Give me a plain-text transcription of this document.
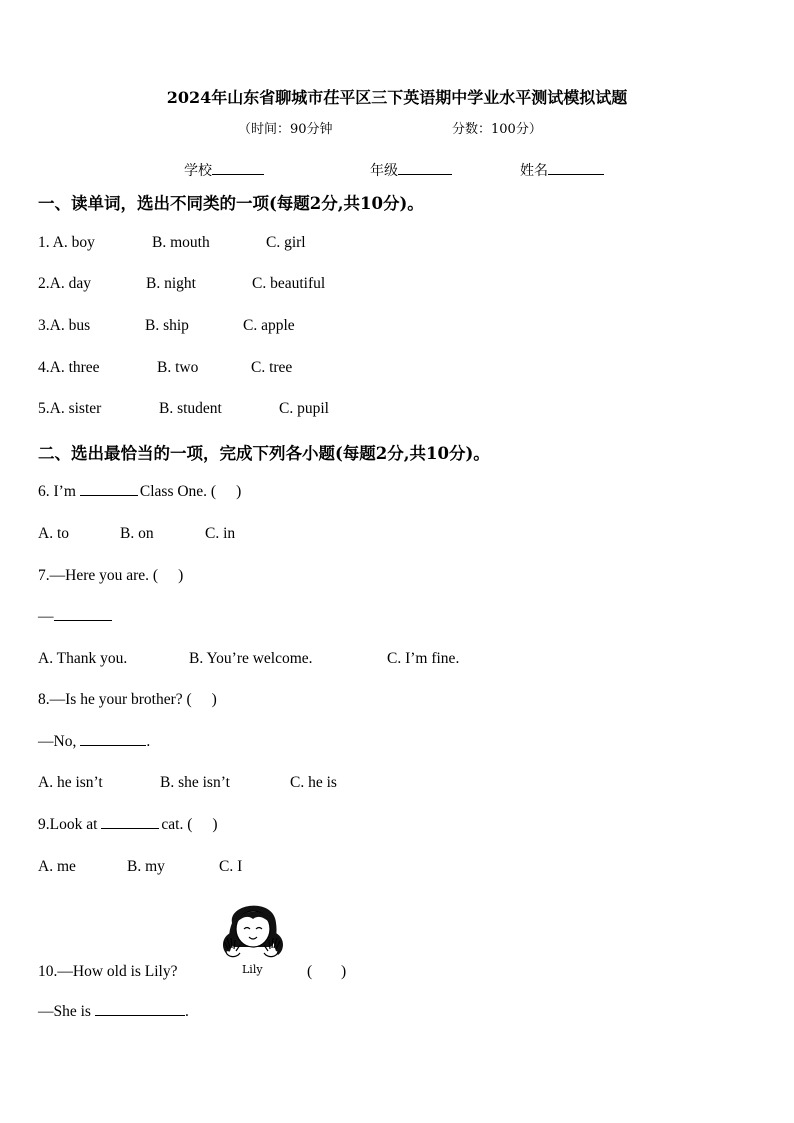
2024年山东省聊城市茌平区三下英语期中学业水平测试模拟试题
（时间：90分钟	分数：100分）
学校	年级	姓名
一、读单词，选出不同类的一项(每题2分,共10分)。
1. A. boy	B. mouth	C. girl
2.A. day	B. night	C. beautiful
3.A. bus	B. ship	C. apple
4.A. three	B. two	C. tree
5.A. sister	B. student	C. pupil
二、选出最恰当的一项，完成下列各小题(每题2分,共10分)。
6. I’m	Class One. ( )
A. to	B. on	C. in
7.—Here you are. ( )
—
A. Thank you.	B. You’re welcome.	C. I’m fine.
8.—Is he your brother? ( )
—No,	.
A. he isn’t	B. she isn’t	C. he is
9.Look at	cat. ( )
A. me	B. my	C. I
Lily
10.—How old is Lily?	( )
—She is	.
